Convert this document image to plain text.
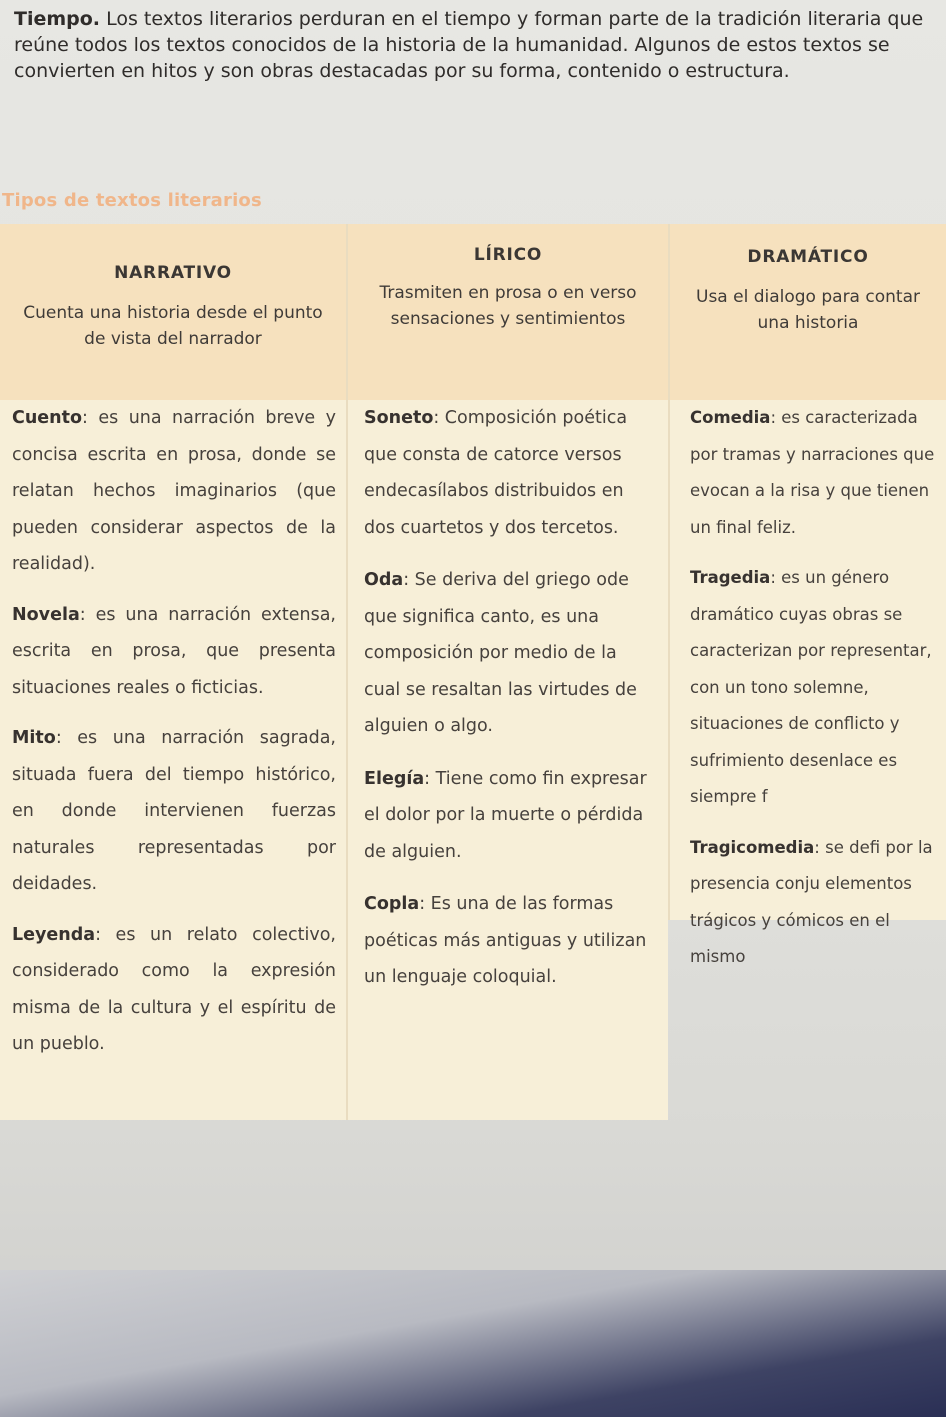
Tiempo. Los textos literarios perduran en el tiempo y forman parte de la tradición literaria que reúne todos los textos conocidos de la historia de la humanidad. Algunos de estos textos se convierten en hitos y son obras destacadas por su forma, contenido o estructura.

Tipos de textos literarios
NARRATIVO
Cuenta una historia desde el punto de vista del narrador

Cuento: es una narración breve y concisa escrita en prosa, donde se relatan hechos imaginarios (que pueden considerar aspectos de la realidad).

Novela: es una narración extensa, escrita en prosa, que presenta situaciones reales o ficticias.

Mito: es una narración sagrada, situada fuera del tiempo histórico, en donde intervienen fuerzas naturales representadas por deidades.

Leyenda: es un relato colectivo, considerado como la expresión misma de la cultura y el espíritu de un pueblo.

LÍRICO
Trasmiten en prosa o en verso sensaciones y sentimientos

Soneto: Composición poética que consta de catorce versos endecasílabos distribuidos en dos cuartetos y dos tercetos.

Oda: Se deriva del griego ode que significa canto, es una composición por medio de la cual se resaltan las virtudes de alguien o algo.

Elegía: Tiene como fin expresar el dolor por la muerte o pérdida de alguien.

Copla: Es una de las formas poéticas más antiguas y utilizan un lenguaje coloquial.

DRAMÁTICO
Usa el dialogo para contar una historia

Comedia: es caracterizada por tramas y narraciones que evocan a la risa y que tienen un final feliz.

Tragedia: es un género dramático cuyas obras se caracterizan por representar, con un tono solemne, situaciones de conflicto y sufrimiento desenlace es siempre f

Tragicomedia: se defi por la presencia conju elementos trágicos y cómicos en el mismo
